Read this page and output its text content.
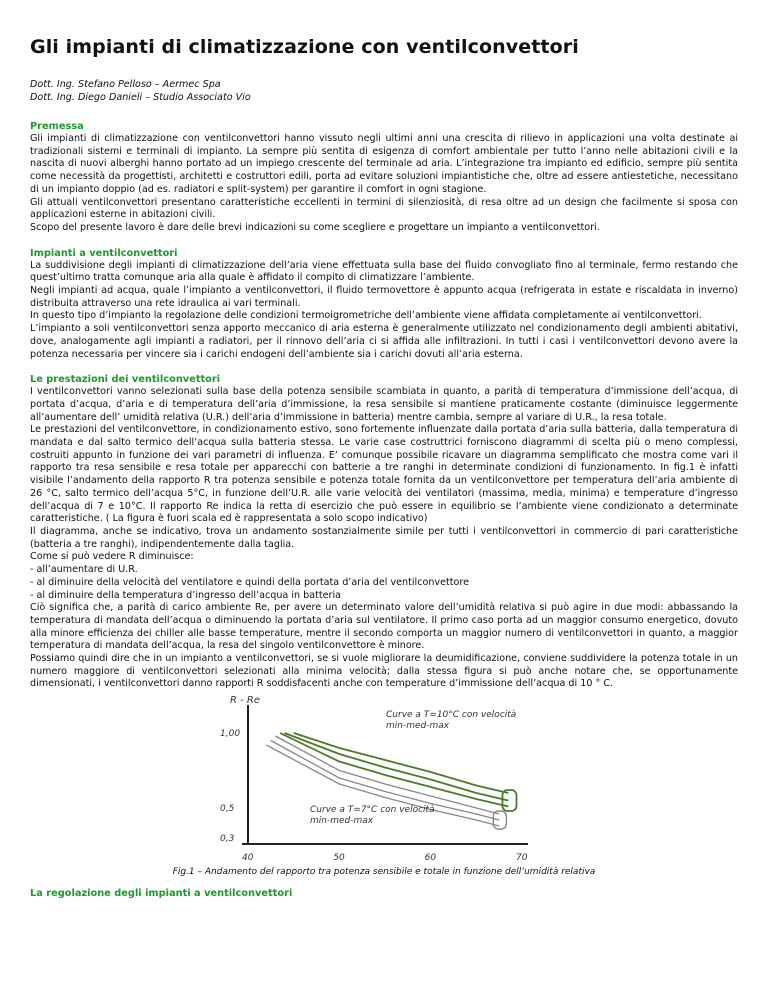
Gli impianti di climatizzazione con ventilconvettori
Dott. Ing. Stefano Pelloso – Aermec Spa
Dott. Ing. Diego Danieli – Studio Associato Vio
Premessa

Gli impianti di climatizzazione con ventilconvettori hanno vissuto negli ultimi anni una crescita di rilievo in applicazioni una volta destinate ai tradizionali sistemi e terminali di impianto. La sempre più sentita di esigenza di comfort ambientale per tutto l’anno nelle abitazioni civili e la nascita di nuovi alberghi hanno portato ad un impiego crescente del terminale ad aria. L’integrazione tra impianto ed edificio, sempre più sentita come necessità da progettisti, architetti e costruttori edili, porta ad evitare soluzioni impiantistiche che, oltre ad essere antiestetiche, necessitano di un impianto doppio (ad es. radiatori e split-system) per garantire il comfort in ogni stagione.

Gli attuali ventilconvettori presentano caratteristiche eccellenti in termini di silenziosità, di resa oltre ad un design che facilmente si sposa con applicazioni esterne in abitazioni civili.

Scopo del presente lavoro è dare delle brevi indicazioni su come scegliere e progettare un impianto a ventilconvettori.

Impianti a ventilconvettori

La suddivisione degli impianti di climatizzazione dell’aria viene effettuata sulla base del fluido convogliato fino al terminale, fermo restando che quest’ultimo tratta comunque aria alla quale è affidato il compito di climatizzare l’ambiente.

Negli impianti ad acqua, quale l’impianto a ventilconvettori, il fluido termovettore è appunto acqua (refrigerata in estate e riscaldata in inverno) distribuita attraverso una rete idraulica ai vari terminali.

In questo tipo d’impianto la regolazione delle condizioni termoigrometriche dell’ambiente viene affidata completamente ai ventilconvettori.

L’impianto a soli ventilconvettori senza apporto meccanico di aria esterna è generalmente utilizzato nel condizionamento degli ambienti abitativi, dove, analogamente agli impianti a radiatori, per il rinnovo dell’aria ci si affida alle infiltrazioni. In tutti i casi i ventilconvettori devono avere la potenza necessaria per vincere sia i carichi endogeni dell’ambiente sia i carichi dovuti all’aria esterna.

Le prestazioni dei ventilconvettori

I ventilconvettori vanno selezionati sulla base della potenza sensibile scambiata in quanto, a parità di temperatura d’immissione dell’acqua, di portata d’acqua, d’aria e di temperatura dell’aria d’immissione, la resa sensibile si mantiene praticamente costante (diminuisce leggermente all’aumentare dell’ umidità relativa (U.R.) dell’aria d’immissione in batteria) mentre cambia, sempre al variare di U.R., la resa totale.

Le prestazioni del ventilconvettore, in condizionamento estivo, sono fortemente influenzate dalla portata d’aria sulla batteria, dalla temperatura di mandata e dal salto termico dell’acqua sulla batteria stessa. Le varie case costruttrici forniscono diagrammi di scelta più o meno complessi, costruiti appunto in funzione dei vari parametri di influenza. E’ comunque possibile ricavare un diagramma semplificato che mostra come vari il rapporto tra resa sensibile e resa totale per apparecchi con batterie a tre ranghi in determinate condizioni di funzionamento. In fig.1 è infatti visibile l’andamento della rapporto R tra potenza sensibile e potenza totale fornita da un ventilconvettore per temperatura dell’aria ambiente di 26 °C, salto termico dell’acqua 5°C, in funzione dell’U.R. alle varie velocità dei ventilatori (massima, media, minima) e temperature d’ingresso dell’acqua di 7 e 10°C. Il rapporto Re indica la retta di esercizio che può essere in equilibrio se l’ambiente viene condizionato a determinate caratteristiche. ( La figura è fuori scala ed è rappresentata a solo scopo indicativo)

Il diagramma, anche se indicativo, trova un andamento sostanzialmente simile per tutti i ventilconvettori in commercio di pari caratteristiche (batteria a tre ranghi), indipendentemente dalla taglia.

Come si può vedere R diminuisce:

- all’aumentare di U.R.

- al diminuire della velocità del ventilatore e quindi della portata d’aria del ventilconvettore

- al diminuire della temperatura d’ingresso dell’acqua in batteria

Ciò significa che, a parità di carico ambiente Re, per avere un determinato valore dell’umidità relativa si può agire in due modi: abbassando la temperatura di mandata dell’acqua o diminuendo la portata d’aria sul ventilatore. Il primo caso porta ad un maggior consumo energetico, dovuto alla minore efficienza dei chiller alle basse temperature, mentre il secondo comporta un maggior numero di ventilconvettori in quanto, a maggior temperatura di mandata dell’acqua, la resa del singolo ventilconvettore è minore.

Possiamo quindi dire che in un impianto a ventilconvettori, se si vuole migliorare la deumidificazione, conviene suddividere la potenza totale in un numero maggiore di ventilconvettori selezionati alla minima velocità; dalla stessa figura si può anche notare che, se opportunamente dimensionati, i ventilconvettori danno rapporti R soddisfacenti anche con temperature d’immissione dell’acqua di 10 ° C.

R - Re
1,00
0,5
0,3
40	50	60	70
Curve a T=10°C con velocità
min-med-max
Curve a T=7°C con velocità
min-med-max
Fig.1 – Andamento del rapporto tra potenza sensibile e totale in funzione dell’umidità relativa
La regolazione degli impianti a ventilconvettori
